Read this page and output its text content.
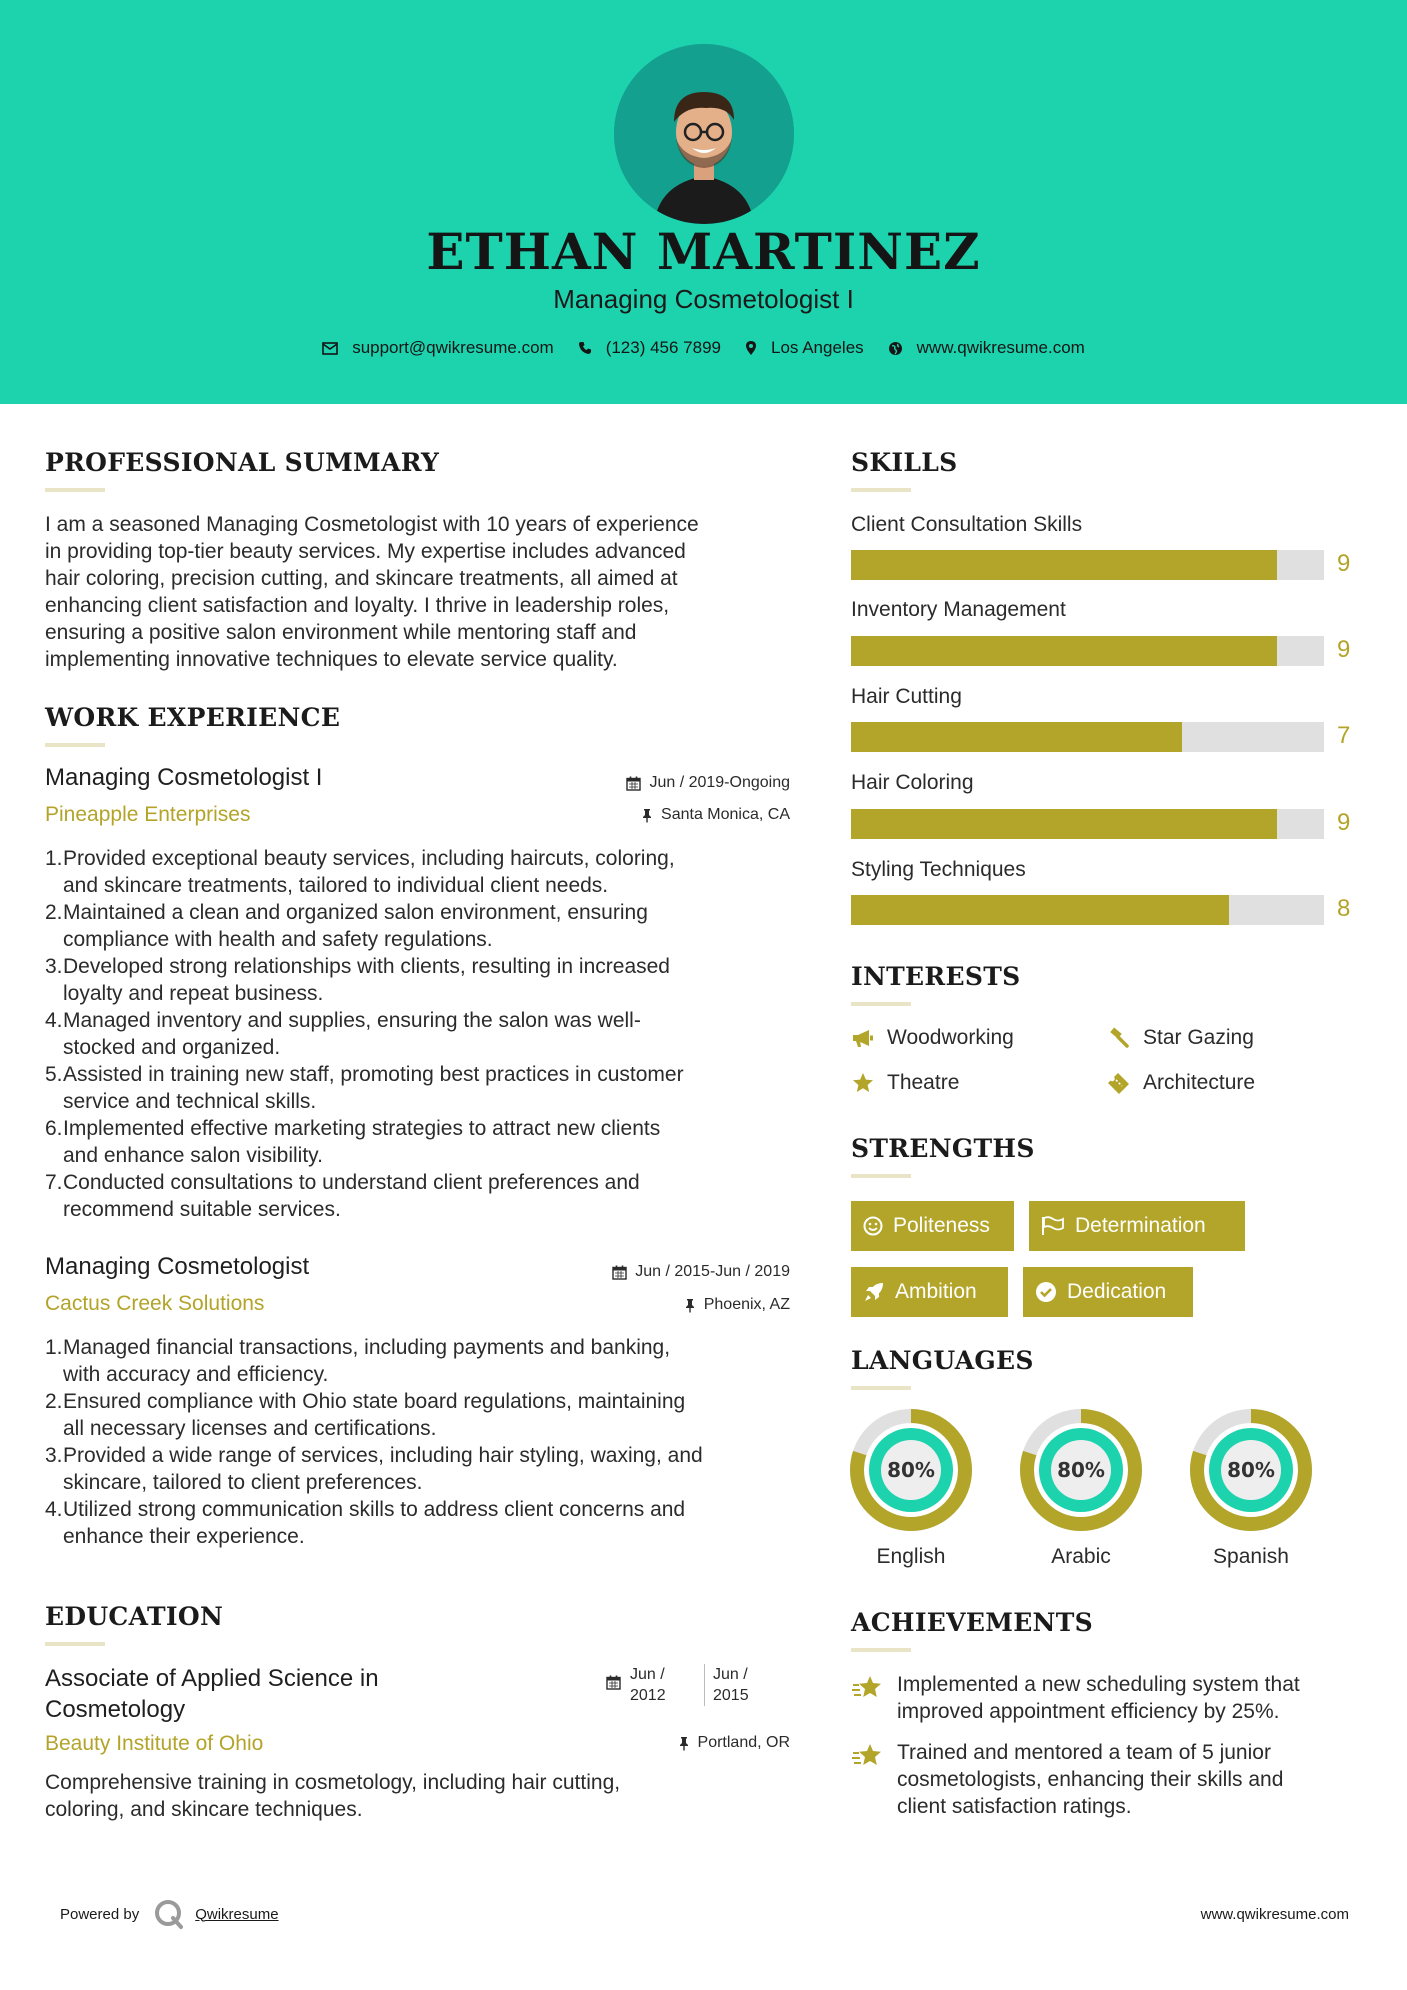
ETHAN MARTINEZ
Managing Cosmetologist I
support@qwikresume.com	(123) 456 7899	Los Angeles	www.qwikresume.com
PROFESSIONAL SUMMARY
I am a seasoned Managing Cosmetologist with 10 years of experience
in providing top-tier beauty services. My expertise includes advanced
hair coloring, precision cutting, and skincare treatments, all aimed at
enhancing client satisfaction and loyalty. I thrive in leadership roles,
ensuring a positive salon environment while mentoring staff and
implementing innovative techniques to elevate service quality.
WORK EXPERIENCE
Managing Cosmetologist I	Jun / 2019-Ongoing
Pineapple Enterprises	Santa Monica, CA
1. Provided exceptional beauty services, including haircuts, coloring,
and skincare treatments, tailored to individual client needs.
2. Maintained a clean and organized salon environment, ensuring
compliance with health and safety regulations.
3. Developed strong relationships with clients, resulting in increased
loyalty and repeat business.
4. Managed inventory and supplies, ensuring the salon was well-
stocked and organized.
5. Assisted in training new staff, promoting best practices in customer
service and technical skills.
6. Implemented effective marketing strategies to attract new clients
and enhance salon visibility.
7. Conducted consultations to understand client preferences and
recommend suitable services.
Managing Cosmetologist	Jun / 2015-Jun / 2019
Cactus Creek Solutions	Phoenix, AZ
1. Managed financial transactions, including payments and banking,
with accuracy and efficiency.
2. Ensured compliance with Ohio state board regulations, maintaining
all necessary licenses and certifications.
3. Provided a wide range of services, including hair styling, waxing, and
skincare, tailored to client preferences.
4. Utilized strong communication skills to address client concerns and
enhance their experience.
EDUCATION
Associate of Applied Science in
Cosmetology
Jun /
2012
Jun /
2015
Beauty Institute of Ohio	Portland, OR
Comprehensive training in cosmetology, including hair cutting,
coloring, and skincare techniques.
SKILLS
Client Consultation Skills
9
Inventory Management
9
Hair Cutting
7
Hair Coloring
9
Styling Techniques
8
INTERESTS
Woodworking	Star Gazing
Theatre	Architecture
STRENGTHS
Politeness	Determination
Ambition	Dedication
LANGUAGES
80%
English
80%
Arabic
80%
Spanish
ACHIEVEMENTS
Implemented a new scheduling system that
improved appointment efficiency by 25%.
Trained and mentored a team of 5 junior
cosmetologists, enhancing their skills and
client satisfaction ratings.
Powered by	Qwikresume	www.qwikresume.com
